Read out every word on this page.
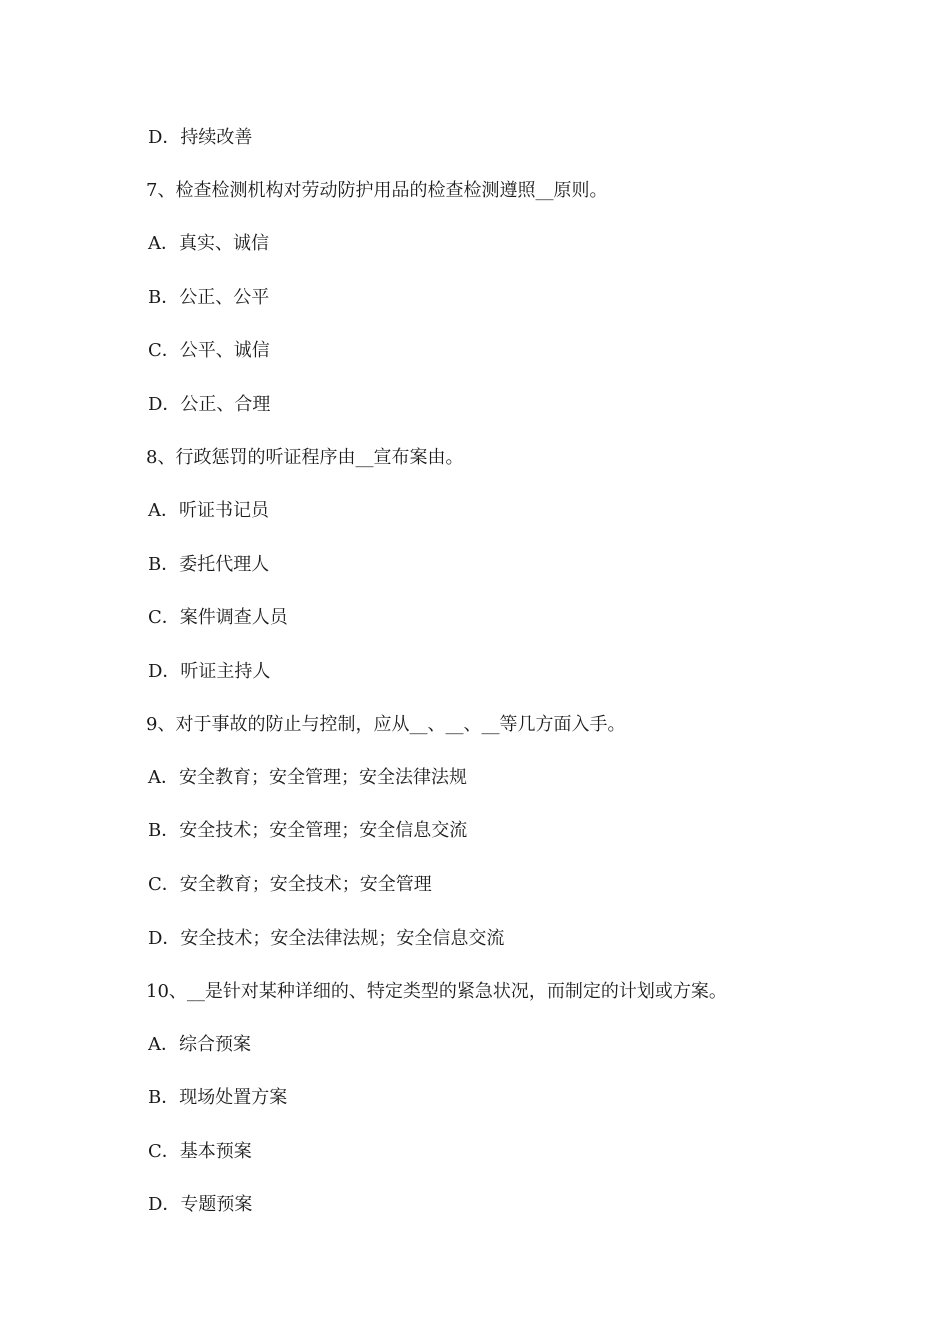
D．持续改善
7、检查检测机构对劳动防护用品的检查检测遵照__原则。
A．真实、诚信
B．公正、公平
C．公平、诚信
D．公正、合理
8、行政惩罚的听证程序由__宣布案由。
A．听证书记员
B．委托代理人
C．案件调查人员
D．听证主持人
9、对于事故的防止与控制，应从__、__、__等几方面入手。
A．安全教育；安全管理；安全法律法规
B．安全技术；安全管理；安全信息交流
C．安全教育；安全技术；安全管理
D．安全技术；安全法律法规；安全信息交流
10、__是针对某种详细的、特定类型的紧急状况，而制定的计划或方案。
A．综合预案
B．现场处置方案
C．基本预案
D．专题预案
